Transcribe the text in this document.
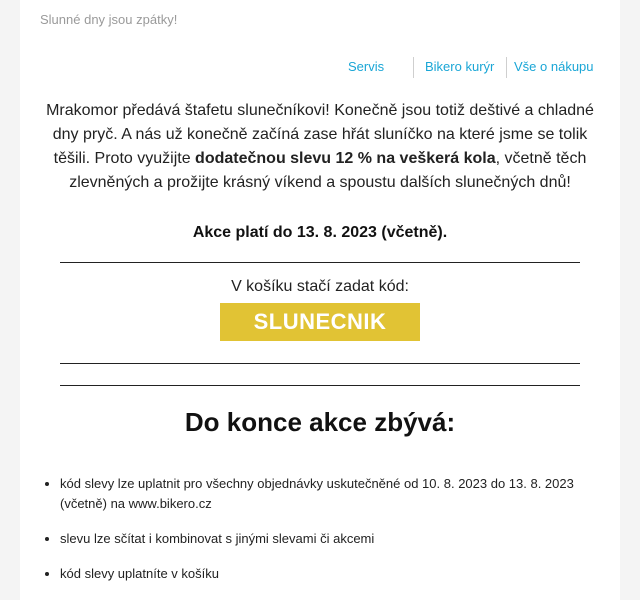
Slunné dny jsou zpátky!
Servis	Bikero kurýr Vše o nákupu
Mrakomor předává štafetu slunečníkovi! Konečně jsou totiž deštivé a chladné dny pryč. A nás už konečně začíná zase hřát sluníčko na které jsme se tolik těšili. Proto využijte dodatečnou slevu 12 % na veškerá kola, včetně těch zlevněných a prožijte krásný víkend a spoustu dalších slunečných dnů!
Akce platí do 13. 8. 2023 (včetně).
V košíku stačí zadat kód:
SLUNECNIK
Do konce akce zbývá:
• kód slevy lze uplatnit pro všechny objednávky uskutečněné od 10. 8. 2023 do 13. 8. 2023 (včetně) na www.bikero.cz
• slevu lze sčítat i kombinovat s jinými slevami či akcemi
• kód slevy uplatníte v košíku
